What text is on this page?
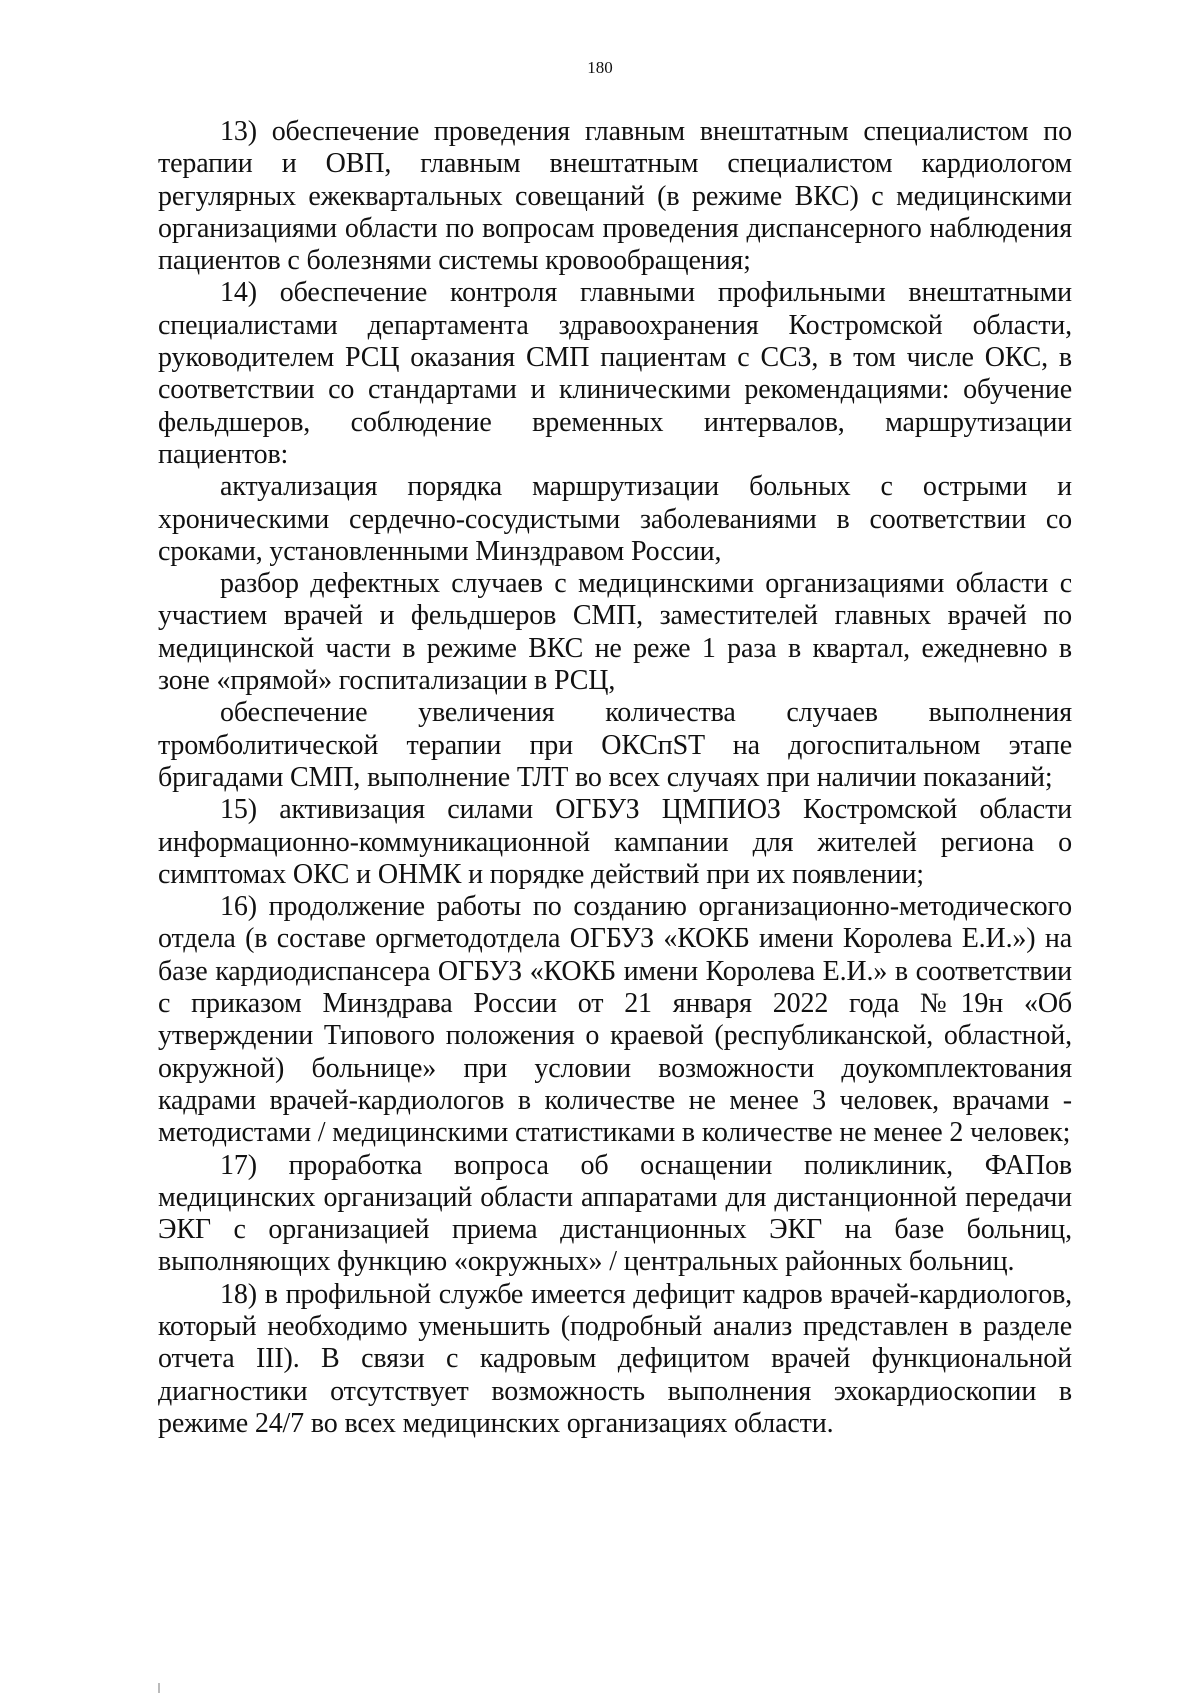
180

13) обеспечение проведения главным внештатным специалистом по терапии и ОВП, главным внештатным специалистом кардиологом регулярных ежеквартальных совещаний (в режиме ВКС) с медицинскими организациями области по вопросам проведения диспансерного наблюдения пациентов с болезнями системы кровообращения;

14) обеспечение контроля главными профильными внештатными специалистами департамента здравоохранения Костромской области, руководителем РСЦ оказания СМП пациентам с ССЗ, в том числе ОКС, в соответствии со стандартами и клиническими рекомендациями: обучение фельдшеров, соблюдение временных интервалов, маршрутизации пациентов:

актуализация порядка маршрутизации больных с острыми и хроническими сердечно-сосудистыми заболеваниями в соответствии со сроками, установленными Минздравом России,

разбор дефектных случаев с медицинскими организациями области с участием врачей и фельдшеров СМП, заместителей главных врачей по медицинской части в режиме ВКС не реже 1 раза в квартал, ежедневно в зоне «прямой» госпитализации в РСЦ,

обеспечение увеличения количества случаев выполнения тромболитической терапии при ОКСпST на догоспитальном этапе бригадами СМП, выполнение ТЛТ во всех случаях при наличии показаний;

15) активизация силами ОГБУЗ ЦМПИОЗ Костромской области информационно-коммуникационной кампании для жителей региона о симптомах ОКС и ОНМК и порядке действий при их появлении;

16) продолжение работы по созданию организационно-методического отдела (в составе оргметодотдела ОГБУЗ «КОКБ имени Королева Е.И.») на базе кардиодиспансера ОГБУЗ «КОКБ имени Королева Е.И.» в соответствии с приказом Минздрава России от 21 января 2022 года №19н «Об утверждении Типового положения о краевой (республиканской, областной, окружной) больнице» при условии возможности доукомплектования кадрами врачей-кардиологов в количестве не менее 3 человек, врачами - методистами / медицинскими статистиками в количестве не менее 2 человек;

17) проработка вопроса об оснащении поликлиник, ФАПов медицинских организаций области аппаратами для дистанционной передачи ЭКГ с организацией приема дистанционных ЭКГ на базе больниц, выполняющих функцию «окружных» / центральных районных больниц.

18) в профильной службе имеется дефицит кадров врачей-кардиологов, который необходимо уменьшить (подробный анализ представлен в разделе отчета III). В связи с кадровым дефицитом врачей функциональной диагностики отсутствует возможность выполнения эхокардиоскопии в режиме 24/7 во всех медицинских организациях области.
